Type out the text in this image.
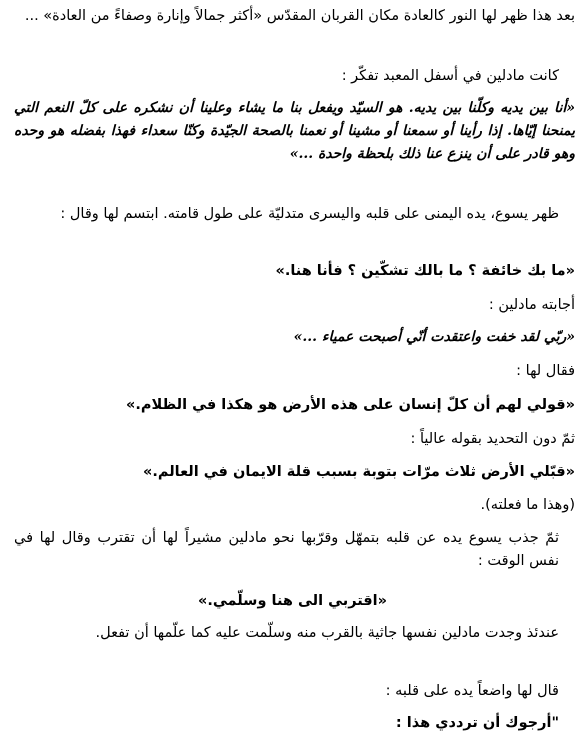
بعد هذا ظهر لها النور كالعادة مكان القربان المقدّس «أكثر جمالاً وإنارة وصفاءً من العادة» ...

كانت مادلين في أسفل المعبد تفكّر :

«أنا بين يديه وكلّنا بين يديه. هو السيّد ويفعل بنا ما يشاء وعلينا أن نشكره على كلّ النعم التي يمنحنا إيّاها. إذا رأينا أو سمعنا أو مشينا أو نعمنا بالصحة الجيّدة وكنّا سعداء فهذا بفضله هو وحده وهو قادر على أن ينزع عنا ذلك بلحظة واحدة ...»

ظهر يسوع، يده اليمنى على قلبه واليسرى متدليّة على طول قامته. ابتسم لها وقال :

«ما بك خائفة ؟ ما بالك تشكّين ؟ فأنا هنا.»

أجابته مادلين :

«ربّي لقد خفت واعتقدت أنّي أصبحت عمياء ...»

فقال لها :

«قولي لهم أن كلّ إنسان على هذه الأرض هو هكذا في الظلام.»

ثمّ دون التحديد بقوله عالياً :

«قبّلي الأرض ثلاث مرّات بتوبة بسبب قلة الايمان في العالم.»

(وهذا ما فعلته).

ثمّ جذب يسوع يده عن قلبه بتمهّل وقرّبها نحو مادلين مشيراً لها أن تقترب وقال لها في نفس الوقت :

«اقتربي الى هنا وسلّمي.»

عندئذ وجدت مادلين نفسها جاثية بالقرب منه وسلّمت عليه كما علّمها أن تفعل.

قال لها واضعاً يده على قلبه :

"أرجوك أن ترددي هذا :
